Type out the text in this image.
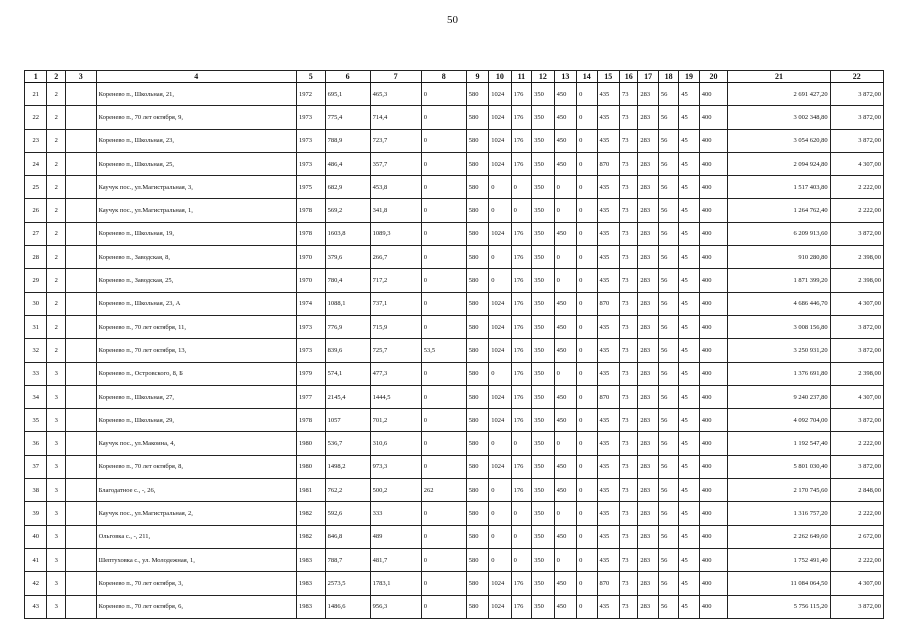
50
1	2	3	4	5	6	7	8	9	10	11	12	13	14	15	16	17	18	19	20	21	22
21	2		Коренево п., Школьная, 21,	1972	695,1	465,3	0	580	1024	176	350	450	0	435	73	283	56	45	400	2 691 427,20	3 872,00
22	2		Коренево п., 70 лет октября, 9,	1973	775,4	714,4	0	580	1024	176	350	450	0	435	73	283	56	45	400	3 002 348,80	3 872,00
23	2		Коренево п., Школьная, 23,	1973	788,9	723,7	0	580	1024	176	350	450	0	435	73	283	56	45	400	3 054 620,80	3 872,00
24	2		Коренево п., Школьная, 25,	1973	486,4	357,7	0	580	1024	176	350	450	0	870	73	283	56	45	400	2 094 924,80	4 307,00
25	2		Каучук пос., ул.Магистральная, 3,	1975	682,9	453,8	0	580	0	0	350	0	0	435	73	283	56	45	400	1 517 403,80	2 222,00
26	2		Каучук пос., ул.Магистральная, 1,	1978	569,2	341,8	0	580	0	0	350	0	0	435	73	283	56	45	400	1 264 762,40	2 222,00
27	2		Коренево п., Школьная, 19,	1978	1603,8	1089,3	0	580	1024	176	350	450	0	435	73	283	56	45	400	6 209 913,60	3 872,00
28	2		Коренево п., Заводская, 8,	1970	379,6	266,7	0	580	0	176	350	0	0	435	73	283	56	45	400	910 280,80	2 398,00
29	2		Коренево п., Заводская, 25,	1970	780,4	717,2	0	580	0	176	350	0	0	435	73	283	56	45	400	1 871 399,20	2 398,00
30	2		Коренево п., Школьная, 23, А	1974	1088,1	737,1	0	580	1024	176	350	450	0	870	73	283	56	45	400	4 686 446,70	4 307,00
31	2		Коренево п., 70 лет октября, 11,	1973	776,9	715,9	0	580	1024	176	350	450	0	435	73	283	56	45	400	3 008 156,80	3 872,00
32	2		Коренево п., 70 лет октября, 13,	1973	839,6	725,7	53,5	580	1024	176	350	450	0	435	73	283	56	45	400	3 250 931,20	3 872,00
33	3		Коренево п., Островского, 8, Б	1979	574,1	477,3	0	580	0	176	350	0	0	435	73	283	56	45	400	1 376 691,80	2 398,00
34	3		Коренево п., Школьная, 27,	1977	2145,4	1444,5	0	580	1024	176	350	450	0	870	73	283	56	45	400	9 240 237,80	4 307,00
35	3		Коренево п., Школьная, 29,	1978	1057	701,2	0	580	1024	176	350	450	0	435	73	283	56	45	400	4 092 704,00	3 872,00
36	3		Каучук пос., ул.Макоина, 4,	1980	536,7	310,6	0	580	0	0	350	0	0	435	73	283	56	45	400	1 192 547,40	2 222,00
37	3		Коренево п., 70 лет октября, 8,	1980	1498,2	973,3	0	580	1024	176	350	450	0	435	73	283	56	45	400	5 801 030,40	3 872,00
38	3		Благодатное с., -, 26,	1981	762,2	500,2	262	580	0	176	350	450	0	435	73	283	56	45	400	2 170 745,60	2 848,00
39	3		Каучук пос., ул.Магистральная, 2,	1982	592,6	333	0	580	0	0	350	0	0	435	73	283	56	45	400	1 316 757,20	2 222,00
40	3		Ольговка с., -, 211,	1982	846,8	489	0	580	0	0	350	450	0	435	73	283	56	45	400	2 262 649,60	2 672,00
41	3		Шептуховка с., ул. Молодежная, 1,	1983	788,7	481,7	0	580	0	0	350	0	0	435	73	283	56	45	400	1 752 491,40	2 222,00
42	3		Коренево п., 70 лет октября, 3,	1983	2573,5	1783,1	0	580	1024	176	350	450	0	870	73	283	56	45	400	11 084 064,50	4 307,00
43	3		Коренево п., 70 лет октября, 6,	1983	1486,6	956,3	0	580	1024	176	350	450	0	435	73	283	56	45	400	5 756 115,20	3 872,00
